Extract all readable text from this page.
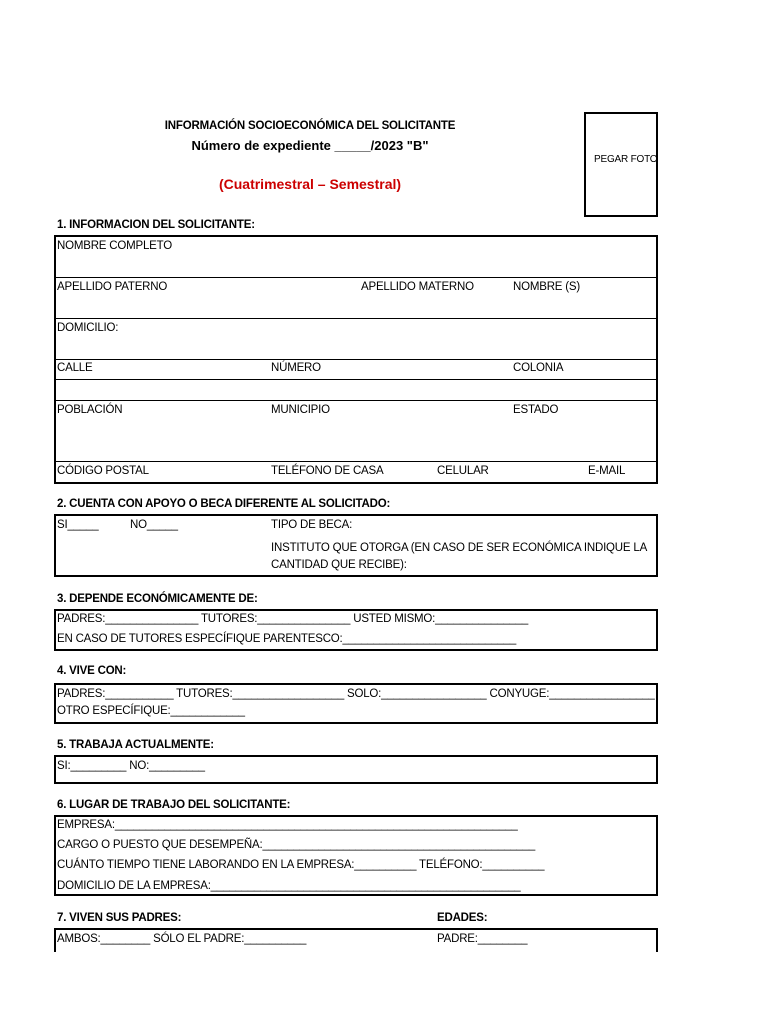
INFORMACIÓN SOCIOECONÓMICA DEL SOLICITANTE
Número de expediente _____/2023 "B"
(Cuatrimestral – Semestral)
PEGAR FOTO
1. INFORMACION DEL SOLICITANTE:
NOMBRE COMPLETO
APELLIDO PATERNO	APELLIDO MATERNO	NOMBRE (S)
DOMICILIO:
CALLE	NÚMERO	COLONIA
POBLACIÓN	MUNICIPIO	ESTADO
CÓDIGO POSTAL	TELÉFONO DE CASA	CELULAR	E-MAIL
2. CUENTA CON APOYO O BECA DIFERENTE AL SOLICITADO:
SI_____	NO_____	TIPO DE BECA:
INSTITUTO QUE OTORGA (EN CASO DE SER ECONÓMICA INDIQUE LA
CANTIDAD QUE RECIBE):
3. DEPENDE ECONÓMICAMENTE DE:
PADRES:_______________ TUTORES:_______________ USTED MISMO:_______________
EN CASO DE TUTORES ESPECÍFIQUE PARENTESCO:____________________________
4. VIVE CON:
PADRES:___________ TUTORES:__________________ SOLO:_________________ CONYUGE:_________________
OTRO ESPECÍFIQUE:____________
5. TRABAJA ACTUALMENTE:
SI:_________ NO:_________
6. LUGAR DE TRABAJO DEL SOLICITANTE:
EMPRESA:_________________________________________________________________
CARGO O PUESTO QUE DESEMPEÑA:____________________________________________
CUÁNTO TIEMPO TIENE LABORANDO EN LA EMPRESA:__________ TELÉFONO:__________
DOMICILIO DE LA EMPRESA:__________________________________________________
7. VIVEN SUS PADRES:	EDADES:
AMBOS:________ SÓLO EL PADRE:__________	PADRE:________
